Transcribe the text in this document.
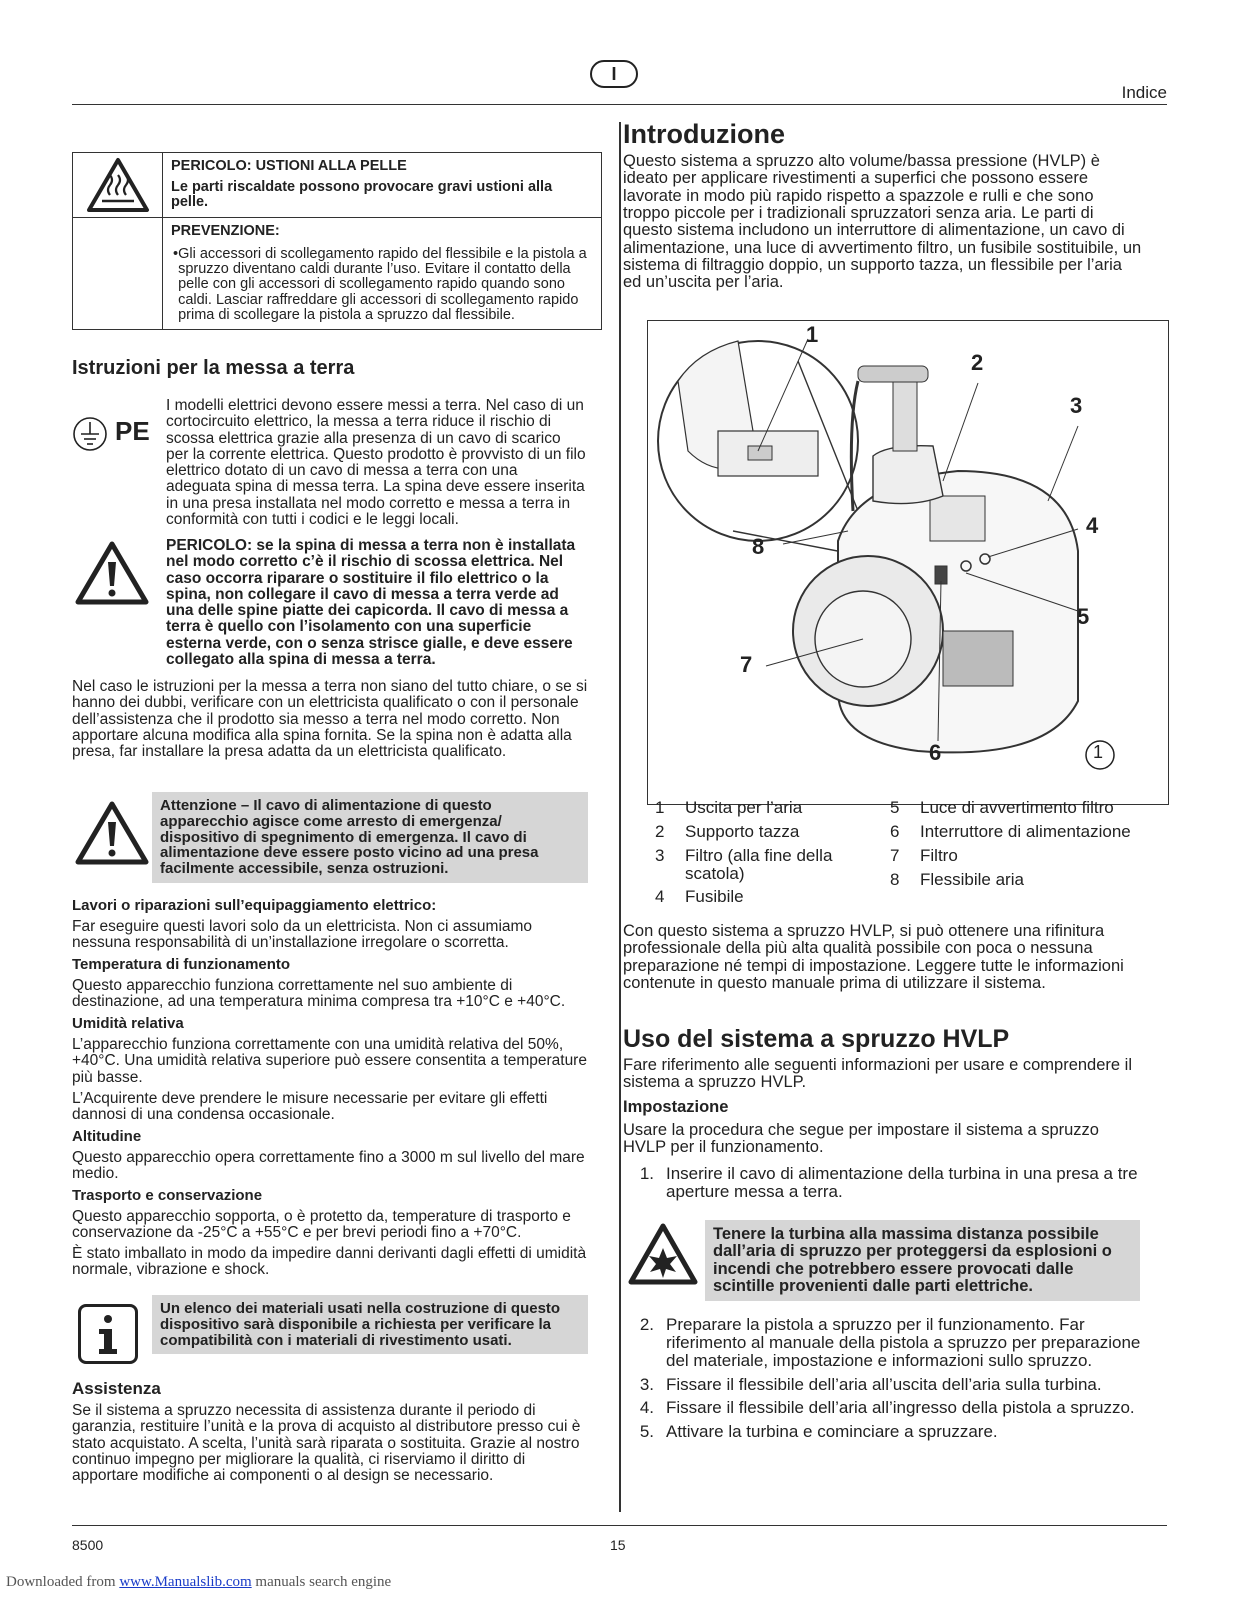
I
Indice
PERICOLO: USTIONI ALLA PELLE
Le parti riscaldate possono provocare gravi ustioni alla pelle.
PREVENZIONE:
• Gli accessori di scollegamento rapido del flessibile e la pistola a spruzzo diventano caldi durante l’uso. Evitare il contatto della pelle con gli accessori di scollegamento rapido quando sono caldi. Lasciar raffreddare gli accessori di scollegamento rapido prima di scollegare la pistola a spruzzo dal flessibile.
Istruzioni per la messa a terra
PE

I modelli elettrici devono essere messi a terra. Nel caso di un cortocircuito elettrico, la messa a terra riduce il rischio di scossa elettrica grazie alla presenza di un cavo di scarico per la corrente elettrica. Questo prodotto è provvisto di un filo elettrico dotato di un cavo di messa a terra con una adeguata spina di messa terra. La spina deve essere inserita in una presa installata nel modo corretto e messa a terra in conformità con tutti i codici e le leggi locali.

PERICOLO: se la spina di messa a terra non è installata nel modo corretto c’è il rischio di scossa elettrica. Nel caso occorra riparare o sostituire il filo elettrico o la spina, non collegare il cavo di messa a terra verde ad una delle spine piatte dei capicorda. Il cavo di messa a terra è quello con l’isolamento con una superficie esterna verde, con o senza strisce gialle, e deve essere collegato alla spina di messa a terra.

Nel caso le istruzioni per la messa a terra non siano del tutto chiare, o se si hanno dei dubbi, verificare con un elettricista qualificato o con il personale dell’assistenza che il prodotto sia messo a terra nel modo corretto. Non apportare alcuna modifica alla spina fornita. Se la spina non è adatta alla presa, far installare la presa adatta da un elettricista qualificato.

Attenzione – Il cavo di alimentazione di questo apparecchio agisce come arresto di emergenza/ dispositivo di spegnimento di emergenza. Il cavo di alimentazione deve essere posto vicino ad una presa facilmente accessibile, senza ostruzioni.
Lavori o riparazioni sull’equipaggiamento elettrico:

Far eseguire questi lavori solo da un elettricista. Non ci assumiamo nessuna responsabilità di un’installazione irregolare o scorretta.

Temperatura di funzionamento

Questo apparecchio funziona correttamente nel suo ambiente di destinazione, ad una temperatura minima compresa tra +10°C e +40°C.

Umidità relativa

L’apparecchio funziona correttamente con una umidità relativa del 50%, +40°C. Una umidità relativa superiore può essere consentita a temperature più basse.

L’Acquirente deve prendere le misure necessarie per evitare gli effetti dannosi di una condensa occasionale.

Altitudine

Questo apparecchio opera correttamente fino a 3000 m sul livello del mare medio.

Trasporto e conservazione

Questo apparecchio sopporta, o è protetto da, temperature di trasporto e conservazione da -25°C a +55°C e per brevi periodi fino a +70°C.

È stato imballato in modo da impedire danni derivanti dagli effetti di umidità normale, vibrazione e shock.

Un elenco dei materiali usati nella costruzione di questo dispositivo sarà disponibile a richiesta per verificare la compatibilità con i materiali di rivestimento usati.
Assistenza

Se il sistema a spruzzo necessita di assistenza durante il periodo di garanzia, restituire l’unità e la prova di acquisto al distributore presso cui è stato acquistato. A scelta, l’unità sarà riparata o sostituita. Grazie al nostro continuo impegno per migliorare la qualità, ci riserviamo il diritto di apportare modifiche ai componenti o al design se necessario.

Introduzione

Questo sistema a spruzzo alto volume/bassa pressione (HVLP) è ideato per applicare rivestimenti a superfici che possono essere lavorate in modo più rapido rispetto a spazzole e rulli e che sono troppo piccole per i tradizionali spruzzatori senza aria. Le parti di questo sistema includono un interruttore di alimentazione, un cavo di alimentazione, una luce di avvertimento filtro, un fusibile sostituibile, un sistema di filtraggio doppio, un supporto tazza, un flessibile per l’aria ed un’uscita per l’aria.

1
2
3
4
5
6
7
8
1
1	Uscita per l’aria
2	Supporto tazza
3	Filtro (alla fine della scatola)
4	Fusibile
5	Luce di avvertimento filtro
6	Interruttore di alimentazione
7	Filtro
8	Flessibile aria

Con questo sistema a spruzzo HVLP, si può ottenere una rifinitura professionale della più alta qualità possibile con poca o nessuna preparazione né tempi di impostazione. Leggere tutte le informazioni contenute in questo manuale prima di utilizzare il sistema.

Uso del sistema a spruzzo HVLP

Fare riferimento alle seguenti informazioni per usare e comprendere il sistema a spruzzo HVLP.

Impostazione

Usare la procedura che segue per impostare il sistema a spruzzo HVLP per il funzionamento.

1. Inserire il cavo di alimentazione della turbina in una presa a tre aperture messa a terra.
Tenere la turbina alla massima distanza possibile dall’aria di spruzzo per proteggersi da esplosioni o incendi che potrebbero essere provocati dalle scintille provenienti dalle parti elettriche.
2. Preparare la pistola a spruzzo per il funzionamento. Far riferimento al manuale della pistola a spruzzo per preparazione del materiale, impostazione e informazioni sullo spruzzo.
3. Fissare il flessibile dell’aria all’uscita dell’aria sulla turbina.
4. Fissare il flessibile dell’aria all’ingresso della pistola a spruzzo.
5. Attivare la turbina e cominciare a spruzzare.
8500	15
Downloaded from www.Manualslib.com manuals search engine
